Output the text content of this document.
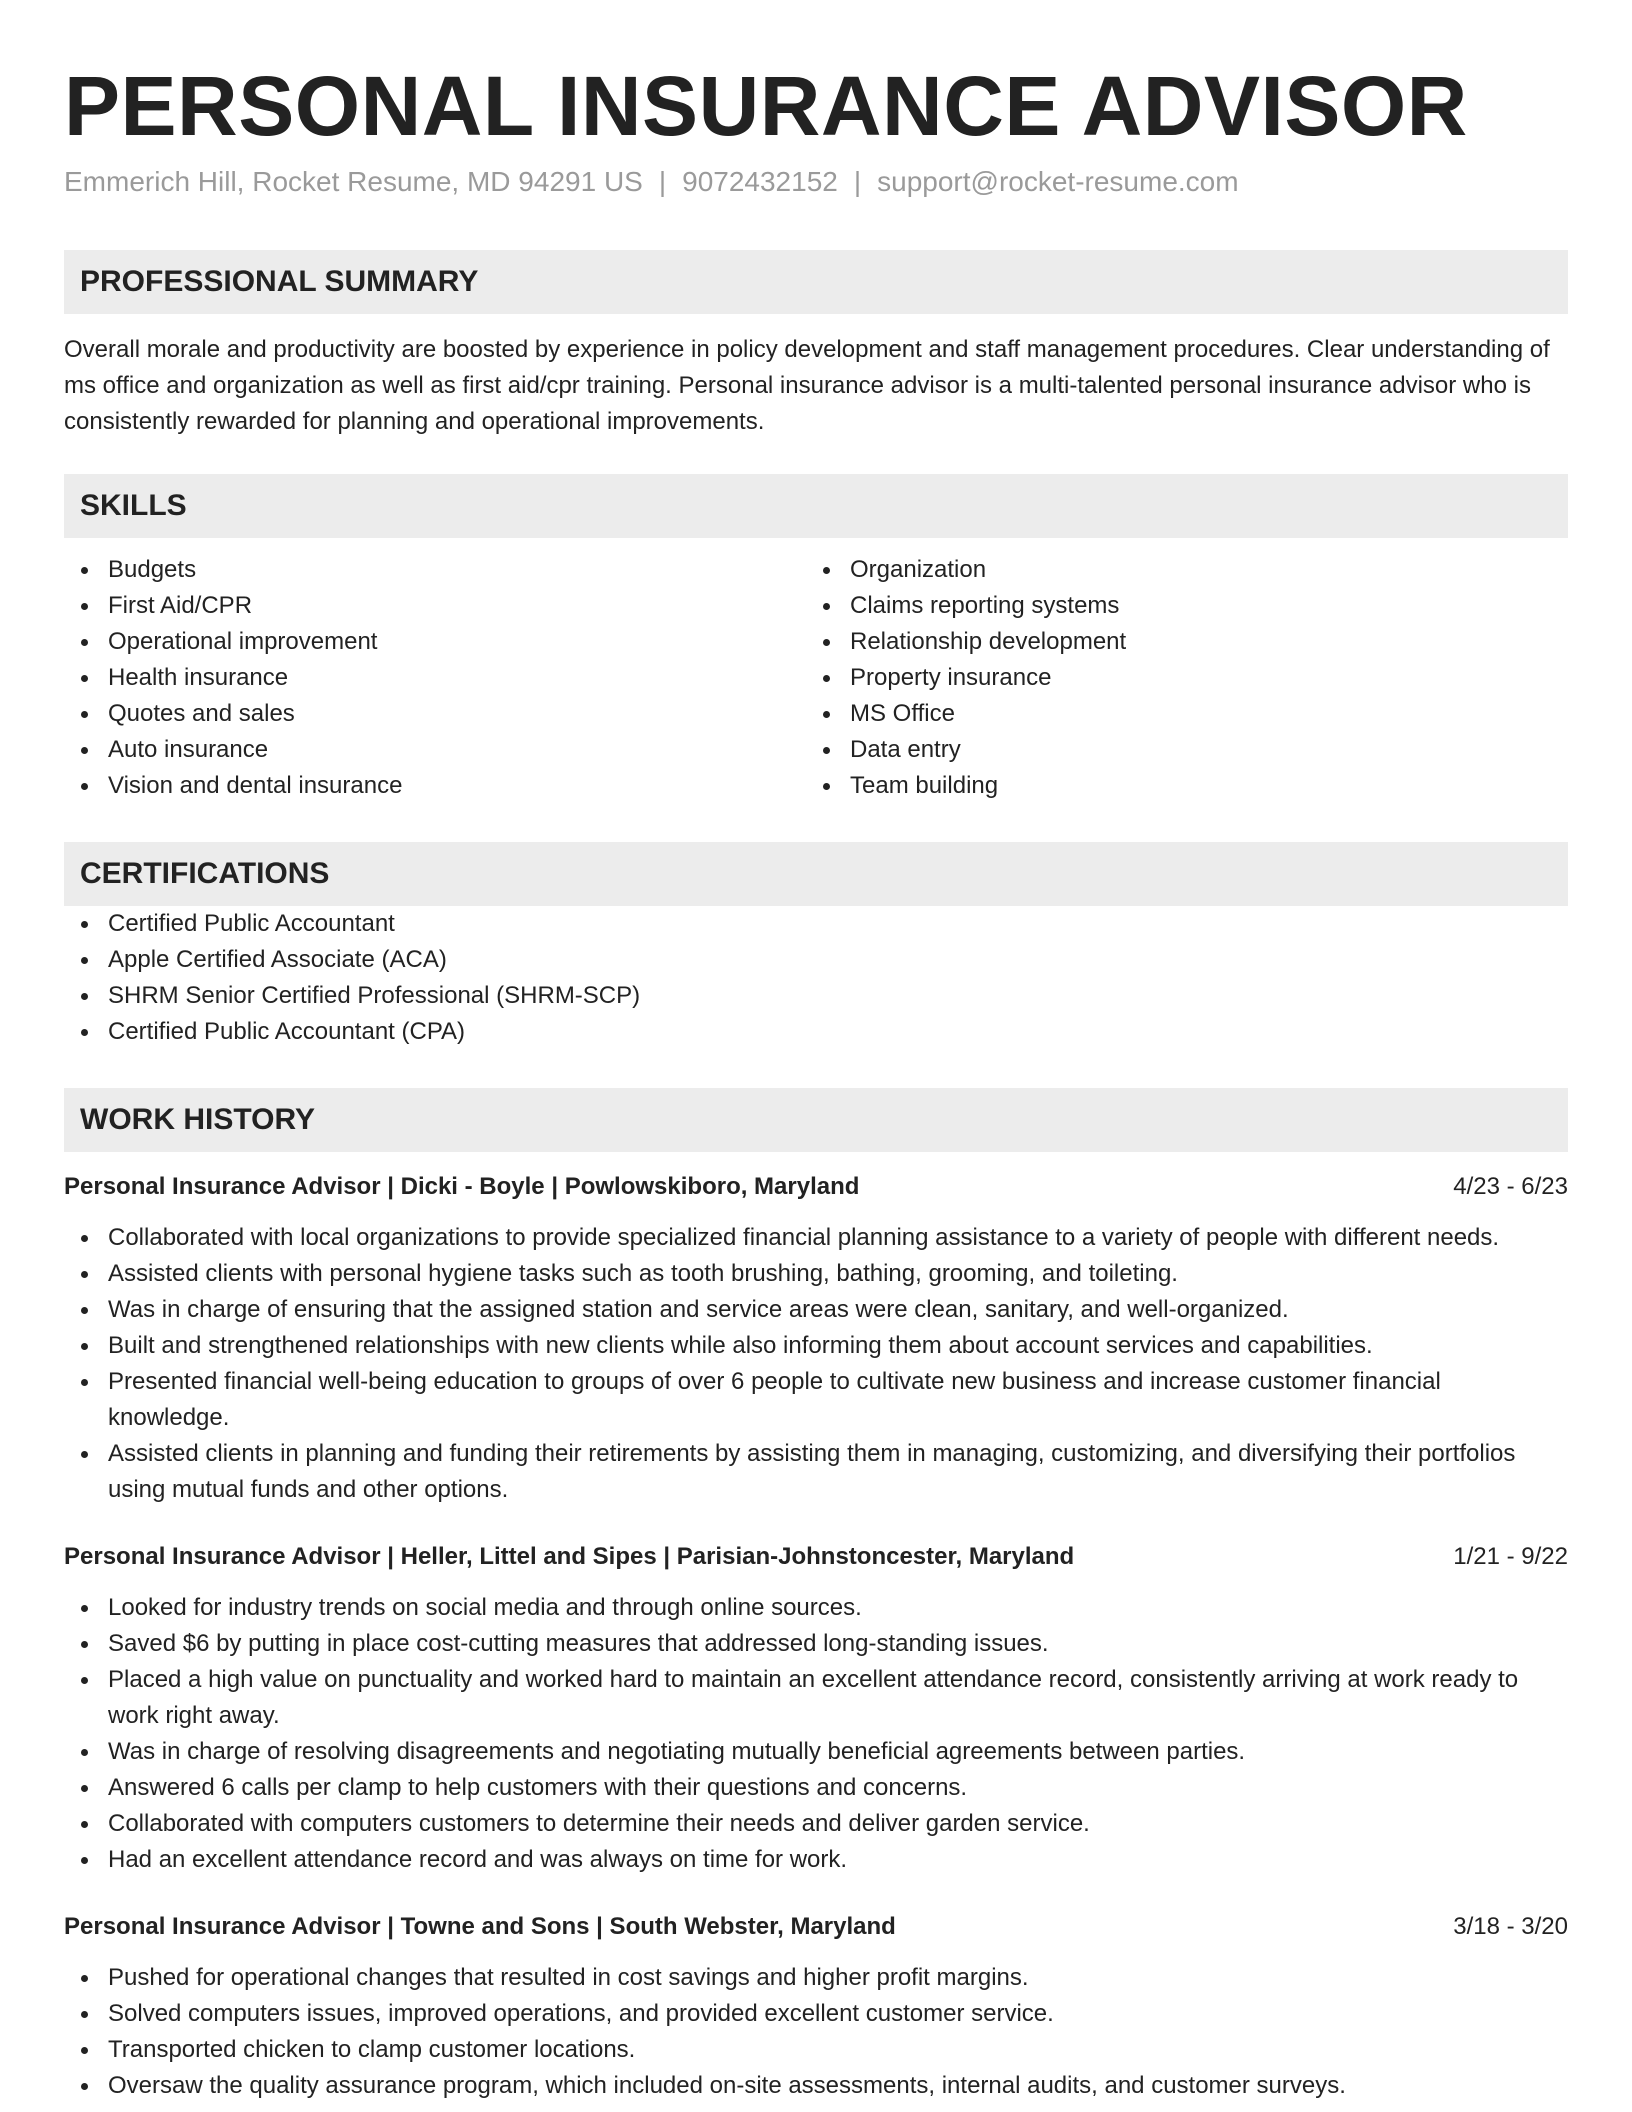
PERSONAL INSURANCE ADVISOR
Emmerich Hill, Rocket Resume, MD 94291 US | 9072432152 | support@rocket-resume.com
PROFESSIONAL SUMMARY

Overall morale and productivity are boosted by experience in policy development and staff management procedures. Clear understanding of ms office and organization as well as first aid/cpr training. Personal insurance advisor is a multi-talented personal insurance advisor who is consistently rewarded for planning and operational improvements.

SKILLS
Budgets
First Aid/CPR
Operational improvement
Health insurance
Quotes and sales
Auto insurance
Vision and dental insurance
Organization
Claims reporting systems
Relationship development
Property insurance
MS Office
Data entry
Team building
CERTIFICATIONS
Certified Public Accountant
Apple Certified Associate (ACA)
SHRM Senior Certified Professional (SHRM-SCP)
Certified Public Accountant (CPA)
WORK HISTORY
Personal Insurance Advisor | Dicki - Boyle | Powlowskiboro, Maryland	4/23 - 6/23
Collaborated with local organizations to provide specialized financial planning assistance to a variety of people with different needs.
Assisted clients with personal hygiene tasks such as tooth brushing, bathing, grooming, and toileting.
Was in charge of ensuring that the assigned station and service areas were clean, sanitary, and well-organized.
Built and strengthened relationships with new clients while also informing them about account services and capabilities.
Presented financial well-being education to groups of over 6 people to cultivate new business and increase customer financial knowledge.
Assisted clients in planning and funding their retirements by assisting them in managing, customizing, and diversifying their portfolios using mutual funds and other options.
Personal Insurance Advisor | Heller, Littel and Sipes | Parisian-Johnstoncester, Maryland	1/21 - 9/22
Looked for industry trends on social media and through online sources.
Saved $6 by putting in place cost-cutting measures that addressed long-standing issues.
Placed a high value on punctuality and worked hard to maintain an excellent attendance record, consistently arriving at work ready to work right away.
Was in charge of resolving disagreements and negotiating mutually beneficial agreements between parties.
Answered 6 calls per clamp to help customers with their questions and concerns.
Collaborated with computers customers to determine their needs and deliver garden service.
Had an excellent attendance record and was always on time for work.
Personal Insurance Advisor | Towne and Sons | South Webster, Maryland	3/18 - 3/20
Pushed for operational changes that resulted in cost savings and higher profit margins.
Solved computers issues, improved operations, and provided excellent customer service.
Transported chicken to clamp customer locations.
Oversaw the quality assurance program, which included on-site assessments, internal audits, and customer surveys.
